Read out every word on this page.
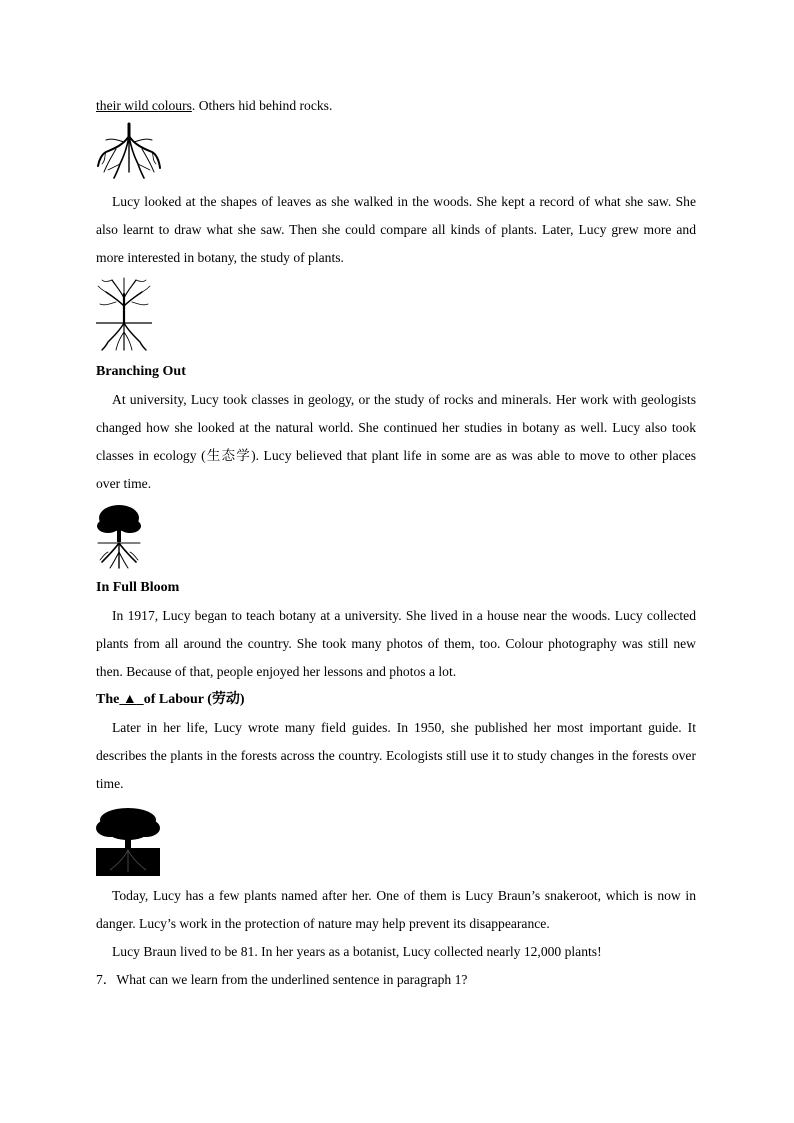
their wild colours. Others hid behind rocks.

Lucy looked at the shapes of leaves as she walked in the woods. She kept a record of what she saw. She also learnt to draw what she saw. Then she could compare all kinds of plants. Later, Lucy grew more and more interested in botany, the study of plants.

Branching Out

At university, Lucy took classes in geology, or the study of rocks and minerals. Her work with geologists changed how she looked at the natural world. She continued her studies in botany as well. Lucy also took classes in ecology (生态学). Lucy believed that plant life in some are as was able to move to other places over time.

In Full Bloom

In 1917, Lucy began to teach botany at a university. She lived in a house near the woods. Lucy collected plants from all around the country. She took many photos of them, too. Colour photography was still new then. Because of that, people enjoyed her lessons and photos a lot.

The ▲ of Labour (劳动)

Later in her life, Lucy wrote many field guides. In 1950, she published her most important guide. It describes the plants in the forests across the country. Ecologists still use it to study changes in the forests over time.

Today, Lucy has a few plants named after her. One of them is Lucy Braun’s snakeroot, which is now in danger. Lucy’s work in the protection of nature may help prevent its disappearance.

Lucy Braun lived to be 81. In her years as a botanist, Lucy collected nearly 12,000 plants!

7．What can we learn from the underlined sentence in paragraph 1?
